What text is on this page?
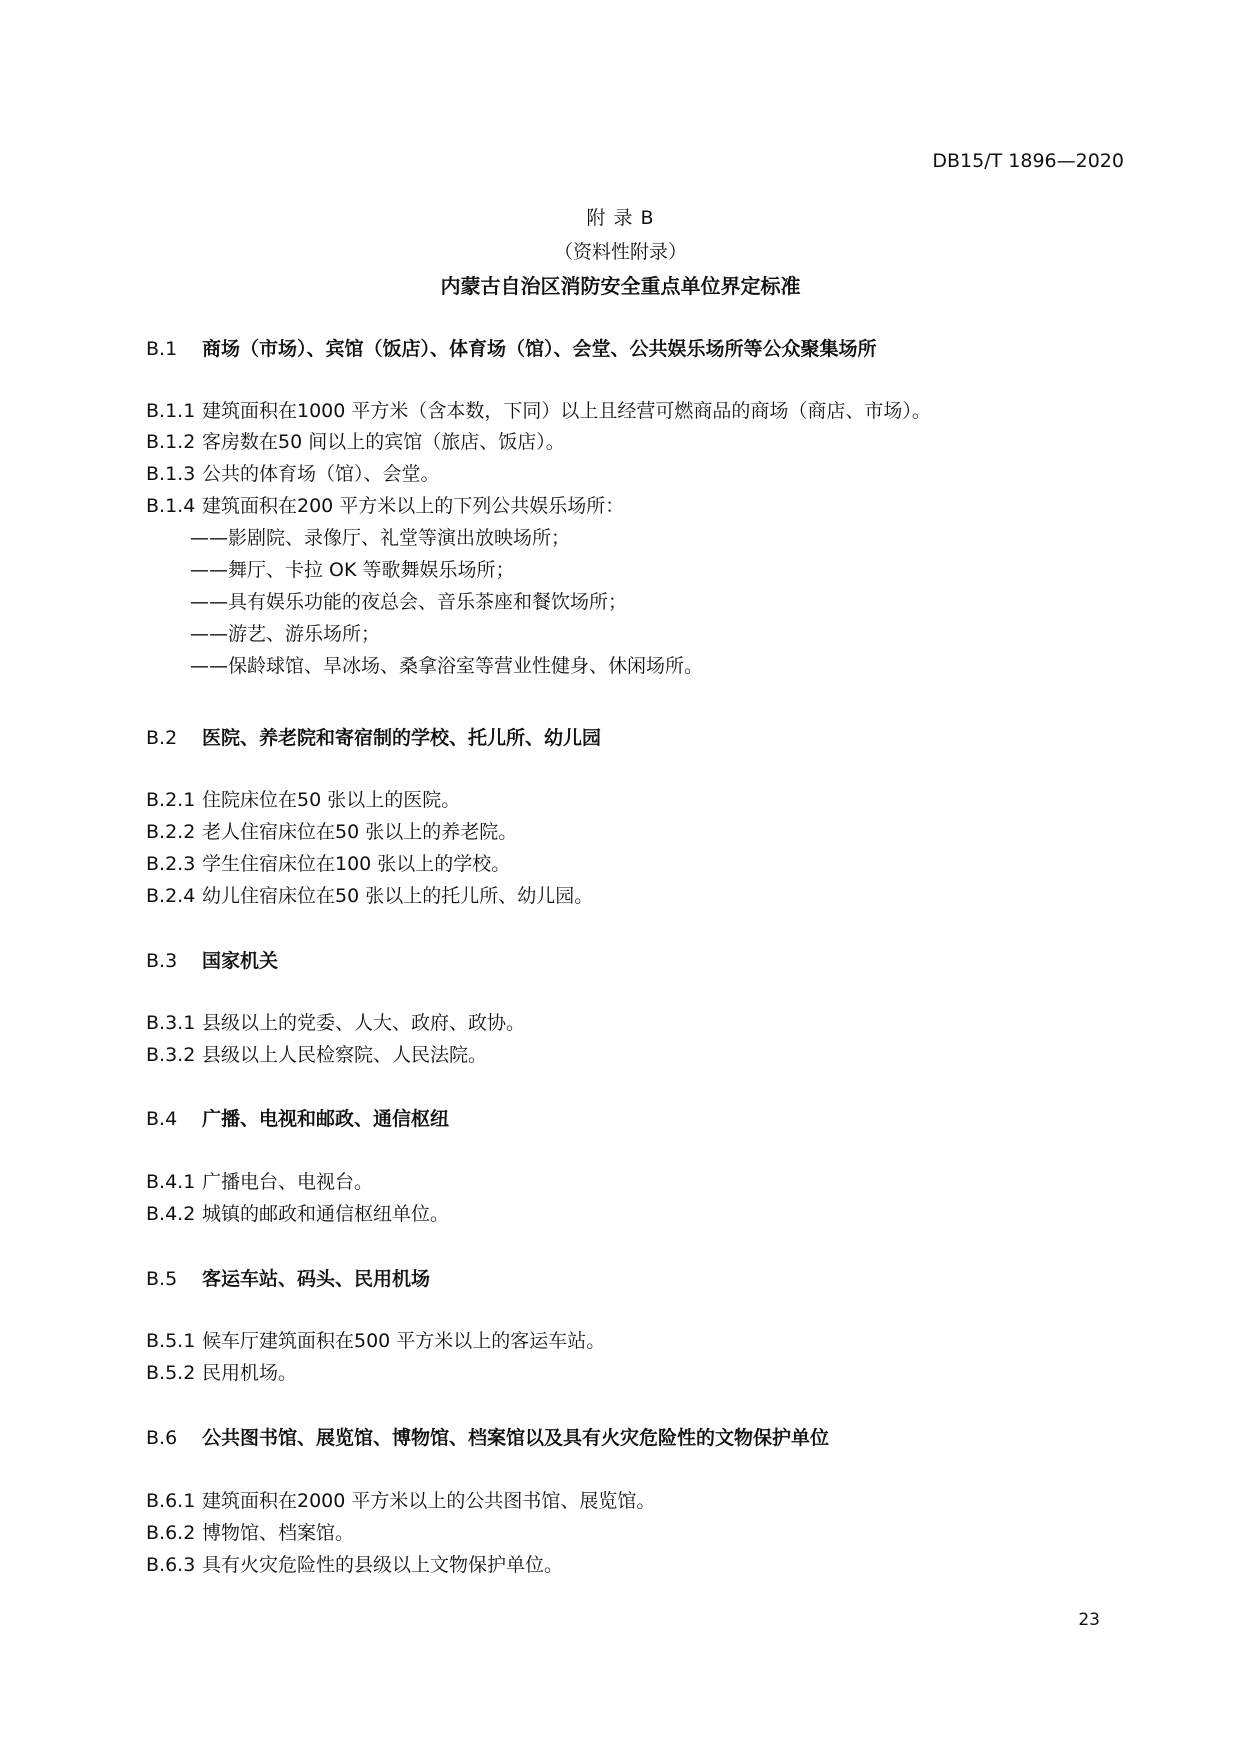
DB15/T 1896—2020
附 录 B
（资料性附录）
内蒙古自治区消防安全重点单位界定标准
B.1 商场（市场）、宾馆（饭店）、体育场（馆）、会堂、公共娱乐场所等公众聚集场所
B.1.1 建筑面积在1000 平方米（含本数，下同）以上且经营可燃商品的商场（商店、市场）。
B.1.2 客房数在50 间以上的宾馆（旅店、饭店）。
B.1.3 公共的体育场（馆）、会堂。
B.1.4 建筑面积在200 平方米以上的下列公共娱乐场所：
——影剧院、录像厅、礼堂等演出放映场所；
——舞厅、卡拉 OK 等歌舞娱乐场所；
——具有娱乐功能的夜总会、音乐茶座和餐饮场所；
——游艺、游乐场所；
——保龄球馆、旱冰场、桑拿浴室等营业性健身、休闲场所。
B.2 医院、养老院和寄宿制的学校、托儿所、幼儿园
B.2.1 住院床位在50 张以上的医院。
B.2.2 老人住宿床位在50 张以上的养老院。
B.2.3 学生住宿床位在100 张以上的学校。
B.2.4 幼儿住宿床位在50 张以上的托儿所、幼儿园。
B.3 国家机关
B.3.1 县级以上的党委、人大、政府、政协。
B.3.2 县级以上人民检察院、人民法院。
B.4 广播、电视和邮政、通信枢纽
B.4.1 广播电台、电视台。
B.4.2 城镇的邮政和通信枢纽单位。
B.5 客运车站、码头、民用机场
B.5.1 候车厅建筑面积在500 平方米以上的客运车站。
B.5.2 民用机场。
B.6 公共图书馆、展览馆、博物馆、档案馆以及具有火灾危险性的文物保护单位
B.6.1 建筑面积在2000 平方米以上的公共图书馆、展览馆。
B.6.2 博物馆、档案馆。
B.6.3 具有火灾危险性的县级以上文物保护单位。
23
